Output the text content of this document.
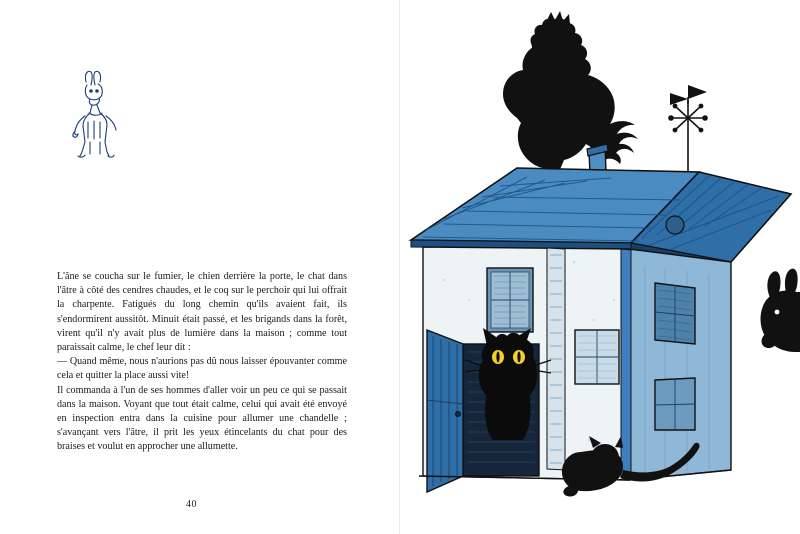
L'âne se coucha sur le fumier, le chien derrière la porte, le chat dans l'âtre à côté des cendres chaudes, et le coq sur le perchoir qui lui offrait la charpente. Fatigués du long chemin qu'ils avaient fait, ils s'endormirent aussitôt. Minuit était passé, et les brigands dans la forêt, virent qu'il n'y avait plus de lumière dans la maison ; comme tout paraissait calme, le chef leur dit :

— Quand même, nous n'aurions pas dû nous laisser épouvanter comme cela et quitter la place aussi vite!

Il commanda à l'un de ses hommes d'aller voir un peu ce qui se passait dans la maison. Voyant que tout était calme, celui qui avait été envoyé en inspection entra dans la cuisine pour allumer une chandelle ; s'avançant vers l'âtre, il prit les yeux étincelants du chat pour des braises et voulut en approcher une allumette.

40
